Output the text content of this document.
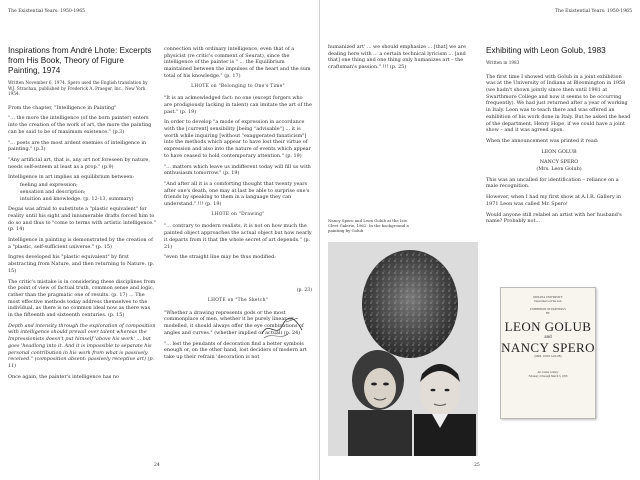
The Existential Years: 1950-1965
Inspirations from André Lhote: Excerpts from His Book, Theory of Figure Painting, 1974
Written November 6, 1974. Spero used the English translation by W.J. Strachan, published by Frederick A. Praeger, Inc., New York 1954.

From the chapter, "Intelligence in Painting"

"... the more the intelligence (of the born painter) enters into the creation of the work of art, the more the painting can be said to be of maximum existence." (p.3)

"... poets are the most ardent enemies of intelligence in painting." (p.3)

"Any artificial art, that is, any art not foreseen by nature, needs self-esteem at least as a prop." (p.9)

Intelligence in art implies an equilibrium between:

feeling and expression;

sensation and description;

intuition and knowledge. (p. 12-13, summary)

Degas was afraid to substitute a "plastic equivalent" for reality until his sight and innumerable drafts forced him to do so and thus to "come to terms with artistic intelligence." (p. 14)

Intelligence in painting is demonstrated by the creation of a "plastic, self-sufficient universe." (p. 15)

Ingres developed his "plastic equivalent" by first abstracting from Nature, and then returning to Nature. (p. 15)

The critic's mistake is in considering these disciplines from the point of view of factual truth, common sense and logic, rather than the pragmatic one of results. (p. 17) ... The most effective methods today address themselves to the individual, as there is no common ideal now as there was in the fifteenth and sixteenth centuries. (p. 15)

Depth and intensity through the exploration of composition with intelligence should prevail over talent whereas the Impressionists doesn't put himself 'above his work' ... but goes 'headlong into it. And it is impossible to separate his personal contribution in his work from what is passively received." (composition absent: passively receptive art) (p. 11)

Once again, the painter's intelligence has no

connection with ordinary intelligence, even that of a physicist (re critic's comment of Seurat), since the intelligence of the painter is " ... the Equilibrium maintained between the impulses of the heart and the sum total of his knowledge." (p. 17)

LHOTE on "Belonging to One's Time"

"It is an acknowledged fact: no one (except forgers who are prodigiously lacking in talent) can imitate the art of the past." (p. 19)

In order to develop "a mode of expression in accordance with the [current] sensibility [being "advisable"] ... it is worth while inquiring [without "exaggerated fanaticism"] into the methods which appear to have lost their virtue of expression and also into the nature of events which appear to have ceased to hold contemporary attention." (p. 19)

"... matters which leave us indifferent today will fill us with enthusiasm tomorrow." (p. 19)

"And after all it is a comforting thought that twenty years after one's death, one may at last be able to surprise one's friends by speaking to them in a language they can understand." !!! (p. 19)

LHOTE on "Drawing"

"... contrary to modern realists, it is not on how much the painted object approaches the actual object but how nearly it departs from it that the whole secret of art depends." (p. 21)

"even the straight line may be thus modified:

(p. 23)
LHOTE on "The Sketch"

"Whether a drawing represents gods or the most commonplace of men, whether it be purely linear or modelled, it should always offer the eye combinations of angles and curves." (whether implied or actual) (p. 24)

"... lest the pendants of decoration find a better symbols enough or, on the other hand, lost deciders of modern art take up their refrain 'decoration is not

24
The Existential Years: 1950-1965

humanized art' ... we should emphasize ... [that] we are dealing here with ... a certain technical lyricism ... [and that] one thing and one thing only humanizes art – the craftsman's passion." !!! (p. 25)

Nancy Spero and Leon Golub at the Isis Cleet Galerie, 1962. In the background a painting by Golub
Exhibiting with Leon Golub, 1983
Written in 1983

The first time I showed with Golub in a joint exhibition was at the University of Indiana at Bloomington in 1958 (we hadn't shown jointly since then until 1981 at Swarthmore College and now it seems to be occurring frequently). We had just returned after a year of working in Italy. Leon was to teach there and was offered an exhibition of his work done in Italy. But he asked the head of the department, Henry Hope, if we could have a joint show – and it was agreed upon.

When the announcement was printed it read:

LEON GOLUB

NANCY SPERO

(Mrs. Leon Golub)

This was an uncalled for identification – reliance on a male recognition.

However, when I had my first show at A.I.R. Gallery in 1971 Leon was called Mr. Spero!

Would anyone still relabel an artist with her husband's name? Probably not...

INDIANA UNIVERSITY
Department of Fine Arts
EXHIBITION OF PAINTINGS
BY
LEON GOLUB
and
NANCY SPERO
(MRS. LEON GOLUB)
Art Center Gallery
February 2 through March 3, 1958
25
